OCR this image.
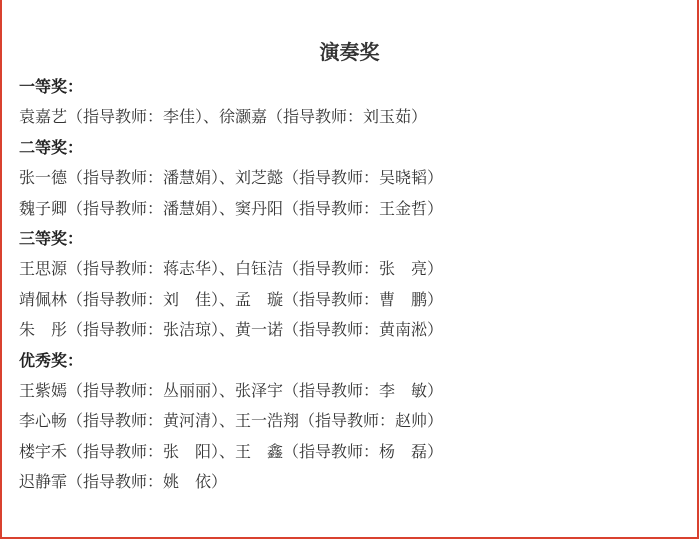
演奏奖
一等奖：
袁嘉艺（指导教师：李佳）、徐灏嘉（指导教师：刘玉茹）
二等奖：
张一德（指导教师：潘慧娟）、刘芝懿（指导教师：吴晓韬）
魏子卿（指导教师：潘慧娟）、窦丹阳（指导教师：王金哲）
三等奖：
王思源（指导教师：蒋志华）、白钰洁（指导教师：张　亮）
靖佩林（指导教师：刘　佳）、孟　璇（指导教师：曹　鹏）
朱　彤（指导教师：张洁琼）、黄一诺（指导教师：黄南淞）
优秀奖：
王紫嫣（指导教师：丛丽丽）、张泽宇（指导教师：李　敏）
李心畅（指导教师：黄河清）、王一浩翔（指导教师：赵帅）
楼宇禾（指导教师：张　阳）、王　鑫（指导教师：杨　磊）
迟静霏（指导教师：姚　依）
